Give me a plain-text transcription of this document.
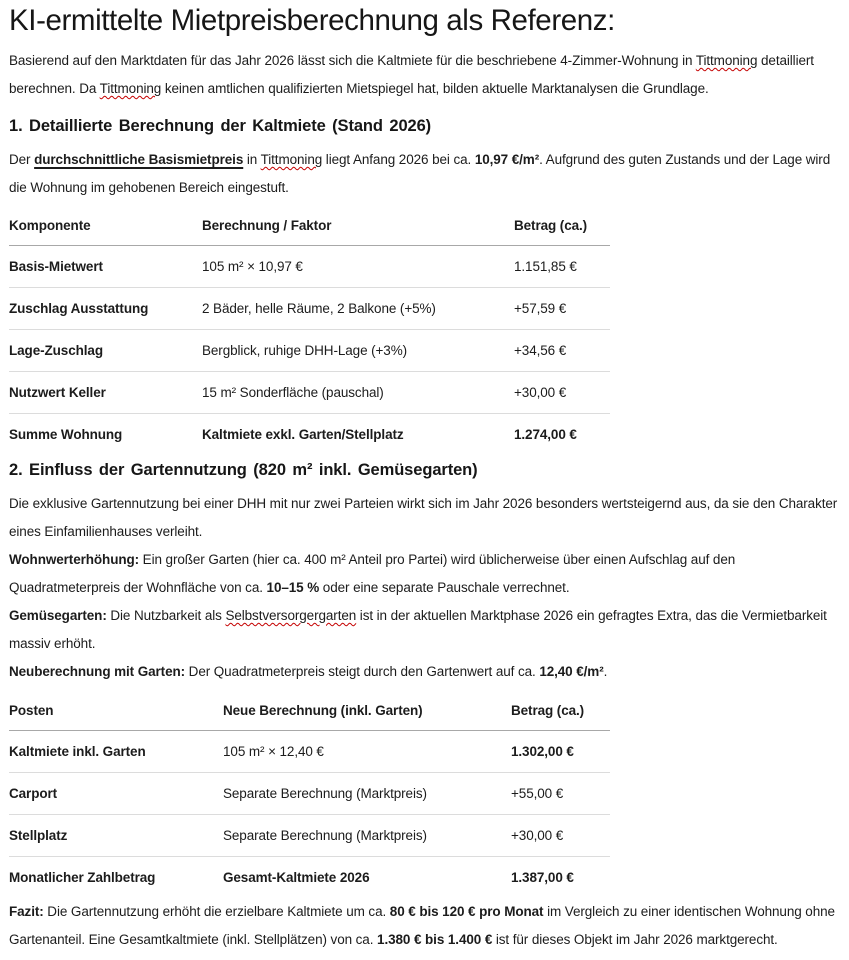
KI-ermittelte Mietpreisberechnung als Referenz:

Basierend auf den Marktdaten für das Jahr 2026 lässt sich die Kaltmiete für die beschriebene 4-Zimmer-Wohnung in Tittmoning detailliert berechnen. Da Tittmoning keinen amtlichen qualifizierten Mietspiegel hat, bilden aktuelle Marktanalysen die Grundlage.

1. Detaillierte Berechnung der Kaltmiete (Stand 2026)

Der durchschnittliche Basismietpreis in Tittmoning liegt Anfang 2026 bei ca. 10,97 €/m². Aufgrund des guten Zustands und der Lage wird die Wohnung im gehobenen Bereich eingestuft.

Komponente	Berechnung / Faktor	Betrag (ca.)
Basis-Mietwert	105 m² × 10,97 €	1.151,85 €
Zuschlag Ausstattung	2 Bäder, helle Räume, 2 Balkone (+5%)	+57,59 €
Lage-Zuschlag	Bergblick, ruhige DHH-Lage (+3%)	+34,56 €
Nutzwert Keller	15 m² Sonderfläche (pauschal)	+30,00 €
Summe Wohnung	Kaltmiete exkl. Garten/Stellplatz	1.274,00 €
2. Einfluss der Gartennutzung (820 m² inkl. Gemüsegarten)

Die exklusive Gartennutzung bei einer DHH mit nur zwei Parteien wirkt sich im Jahr 2026 besonders wertsteigernd aus, da sie den Charakter eines Einfamilienhauses verleiht.

Wohnwerterhöhung: Ein großer Garten (hier ca. 400 m² Anteil pro Partei) wird üblicherweise über einen Aufschlag auf den Quadratmeterpreis der Wohnfläche von ca. 10–15 % oder eine separate Pauschale verrechnet.

Gemüsegarten: Die Nutzbarkeit als Selbstversorgergarten ist in der aktuellen Marktphase 2026 ein gefragtes Extra, das die Vermietbarkeit massiv erhöht.

Neuberechnung mit Garten: Der Quadratmeterpreis steigt durch den Gartenwert auf ca. 12,40 €/m².

Posten	Neue Berechnung (inkl. Garten)	Betrag (ca.)
Kaltmiete inkl. Garten	105 m² × 12,40 €	1.302,00 €
Carport	Separate Berechnung (Marktpreis)	+55,00 €
Stellplatz	Separate Berechnung (Marktpreis)	+30,00 €
Monatlicher Zahlbetrag	Gesamt-Kaltmiete 2026	1.387,00 €

Fazit: Die Gartennutzung erhöht die erzielbare Kaltmiete um ca. 80 € bis 120 € pro Monat im Vergleich zu einer identischen Wohnung ohne Gartenanteil. Eine Gesamtkaltmiete (inkl. Stellplätzen) von ca. 1.380 € bis 1.400 € ist für dieses Objekt im Jahr 2026 marktgerecht.
